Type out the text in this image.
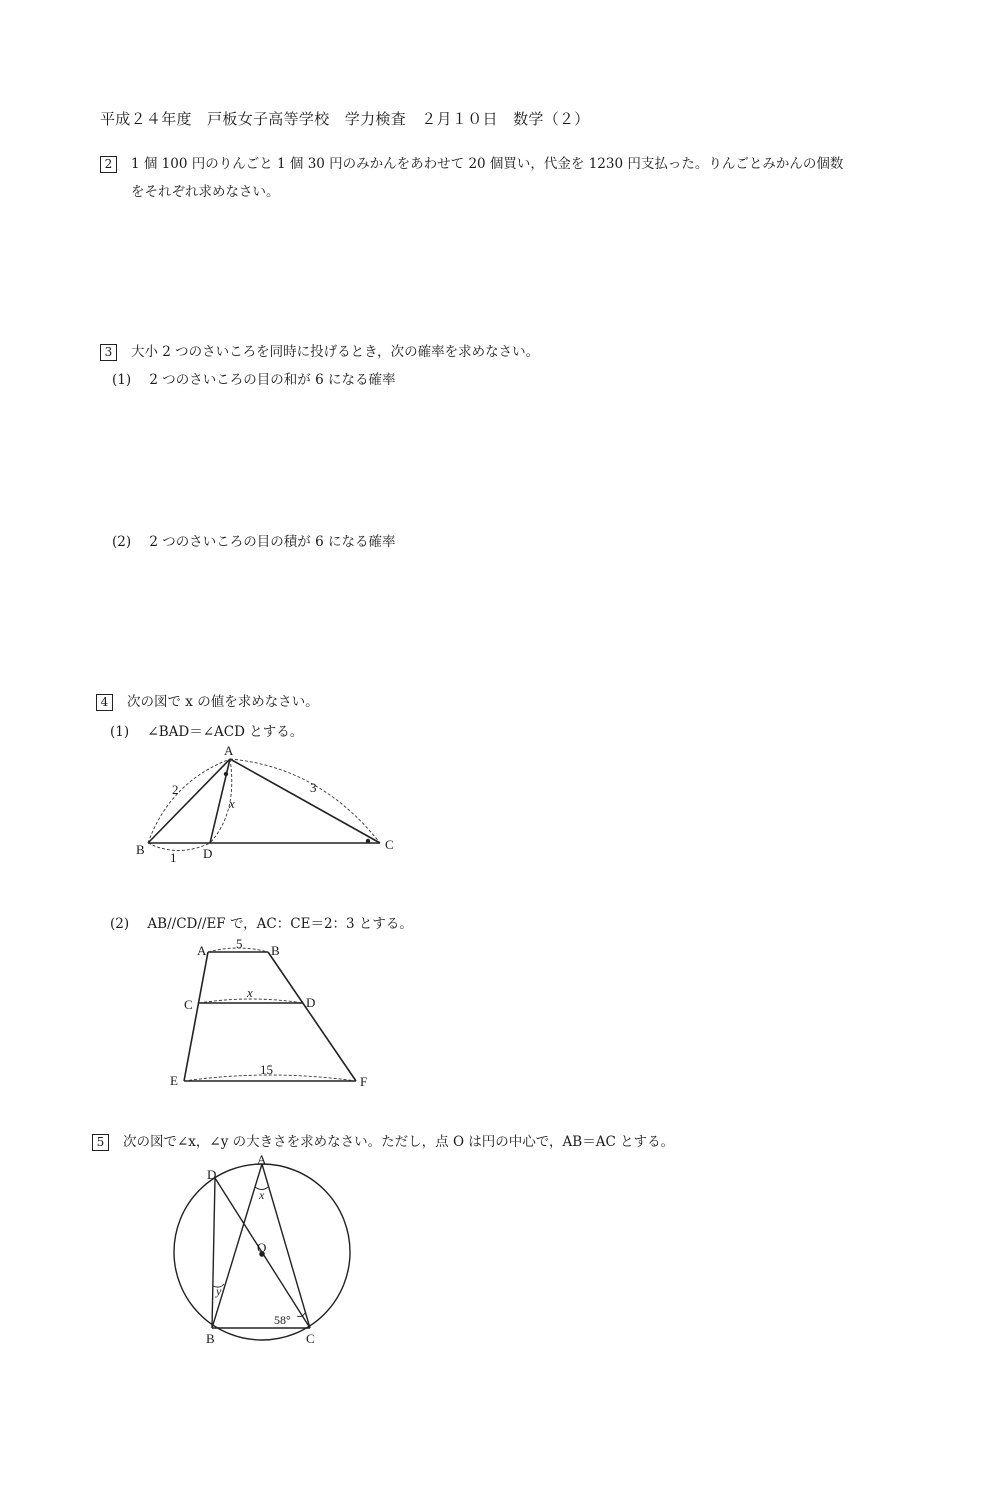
平成２４年度　戸板女子高等学校　学力検査　２月１０日　数学（２）
2 1 個 100 円のりんごと 1 個 30 円のみかんをあわせて 20 個買い，代金を 1230 円支払った。りんごとみかんの個数
をそれぞれ求めなさい。
3 大小 2 つのさいころを同時に投げるとき，次の確率を求めなさい。
(1) 2 つのさいころの目の和が 6 になる確率
(2) 2 つのさいころの目の積が 6 になる確率
4 次の図で x の値を求めなさい。
(1) ∠BAD＝∠ACD とする。
A
B	C
D
2	3
1
x
(2) AB//CD//EF で，AC：CE＝2：3 とする。
A	B
C	D
E	F
5
x
15
5 次の図で∠x，∠y の大きさを求めなさい。ただし，点 O は円の中心で，AB＝AC とする。
A
B	C
D
O
x
y
58°
